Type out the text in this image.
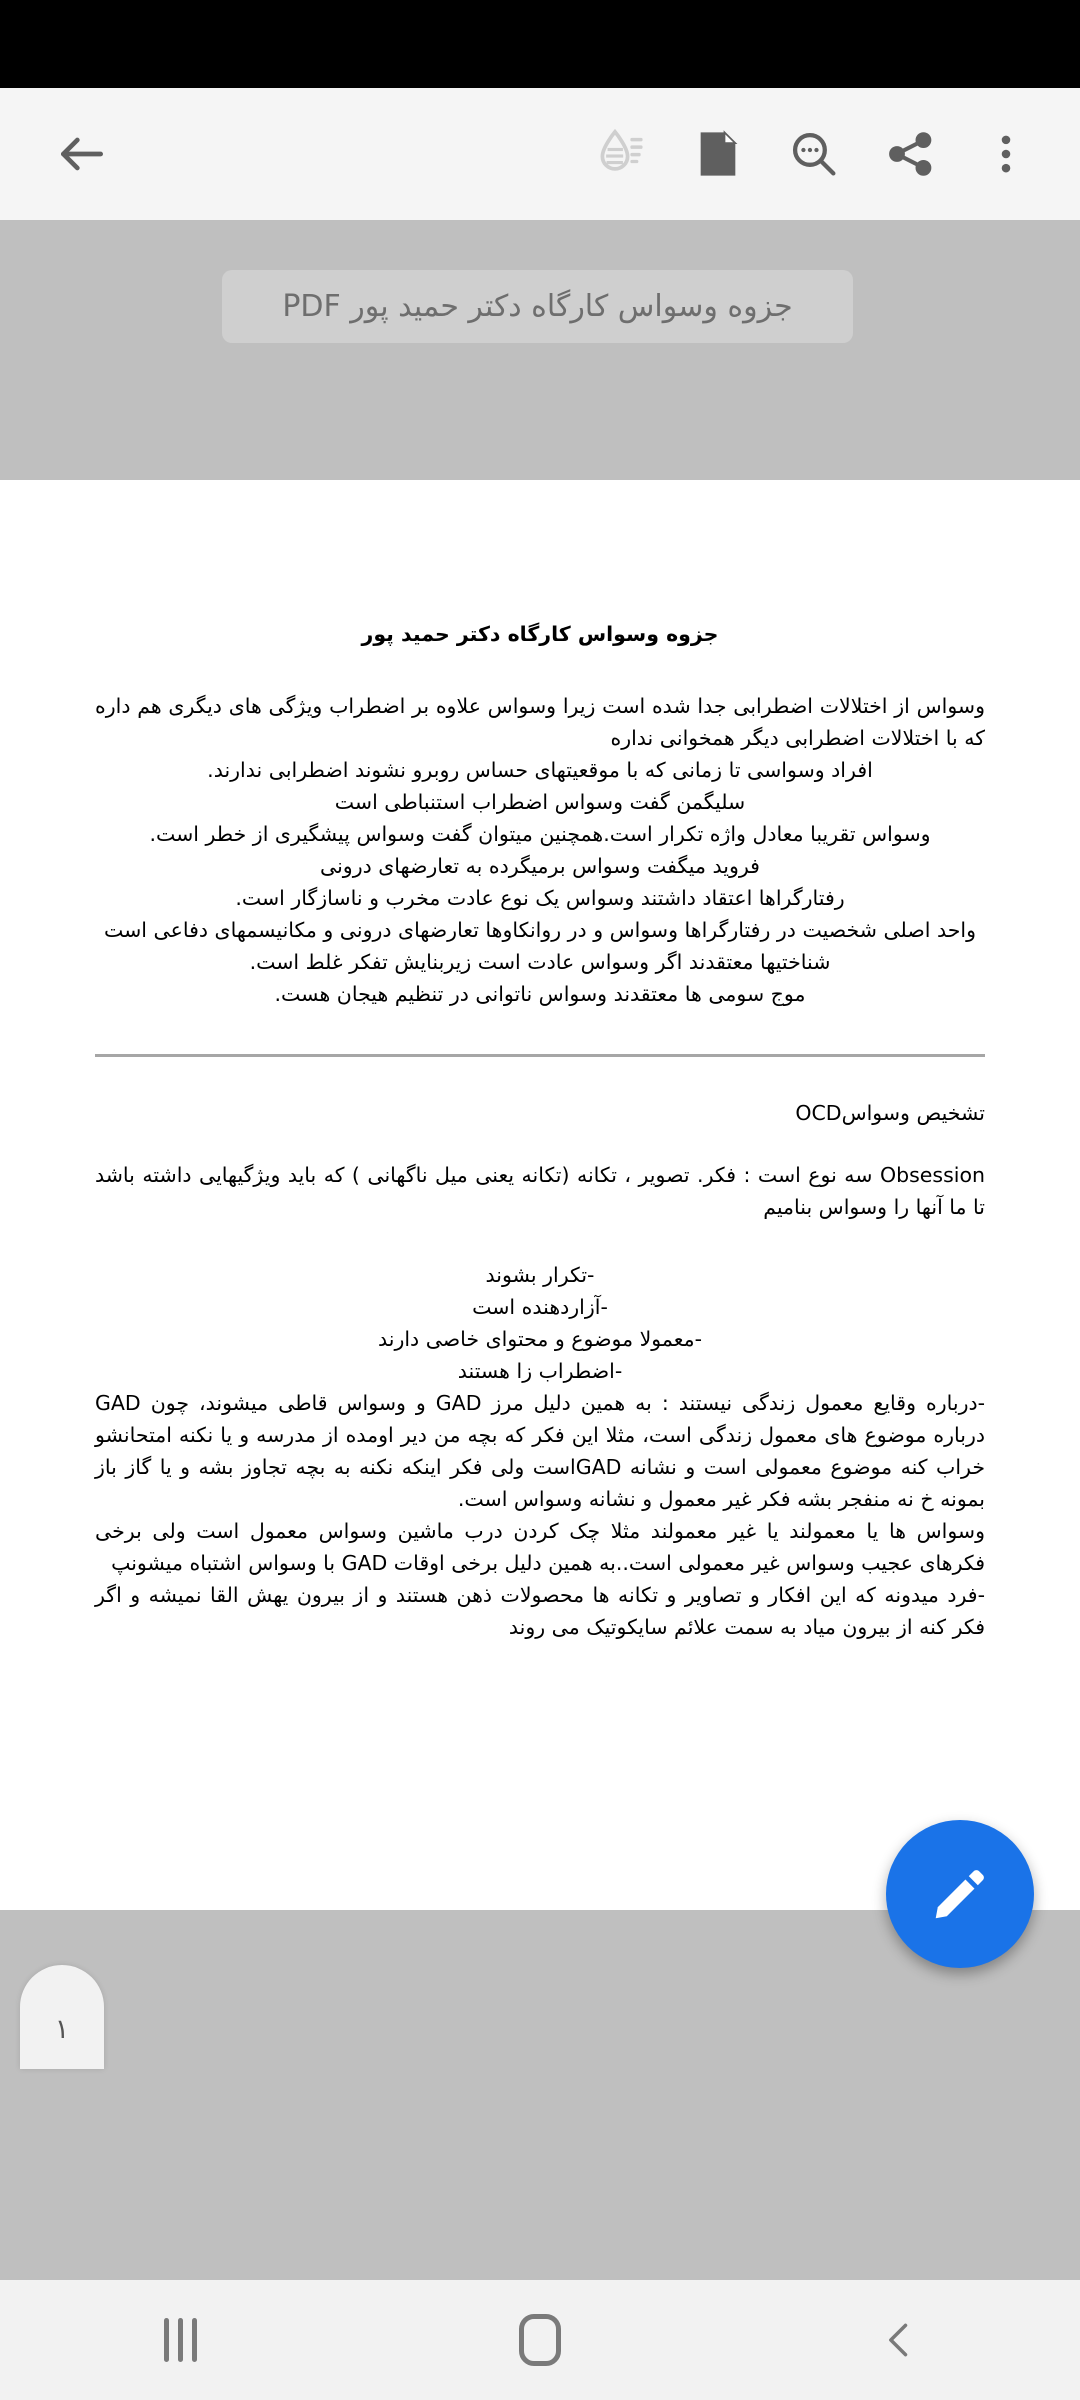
جزوه وسواس کارگاه دکتر حمید پور PDF
جزوه وسواس کارگاه دکتر حمید پور
وسواس از اختلالات اضطرابی جدا شده است زیرا وسواس علاوه بر اضطراب ویژگی های دیگری هم داره که با اختلالات اضطرابی دیگر همخوانی نداره
افراد وسواسی تا زمانی که با موقعیتهای حساس روبرو نشوند اضطرابی ندارند.
سلیگمن گفت وسواس اضطراب استنباطی است
وسواس تقریبا معادل واژه تکرار است.همچنین میتوان گفت وسواس پیشگیری از خطر است.
فروید میگفت وسواس برمیگرده به تعارضهای درونی
رفتارگراها اعتقاد داشتند وسواس یک نوع عادت مخرب و ناسازگار است.
واحد اصلی شخصیت در رفتارگراها وسواس و در روانکاوها تعارضهای درونی و مکانیسمهای دفاعی است
شناختیها معتقدند اگر وسواس عادت است زیربنایش تفکر غلط است.
موج سومی ها معتقدند وسواس ناتوانی در تنظیم هیجان هست.
تشخیص وسواسOCD
Obsession سه نوع است : فکر. تصویر ، تکانه (تکانه یعنی میل ناگهانی ) که باید ویژگیهایی داشته باشد تا ما آنها را وسواس بنامیم
-تکرار بشوند
-آزاردهنده است
-معمولا موضوع و محتوای خاصی دارند
-اضطراب زا هستند
-درباره وقایع معمول زندگی نیستند : به همین دلیل مرز GAD و وسواس قاطی میشوند، چون GAD درباره موضوع های معمول زندگی است، مثلا این فکر که بچه من دیر اومده از مدرسه و یا نکنه امتحانشو خراب کنه موضوع معمولی است و نشانه GADاست ولی فکر اینکه نکنه به بچه تجاوز بشه و یا گاز باز بمونه خ نه منفجر بشه فکر غیر معمول و نشانه وسواس است.
وسواس ها یا معمولند یا غیر معمولند مثلا چک کردن درب ماشین وسواس معمول است ولی برخی فکرهای عجیب وسواس غیر معمولی است..به همین دلیل برخی اوقات GAD با وسواس اشتباه میشونپ
-فرد میدونه که این افکار و تصاویر و تکانه ها محصولات ذهن هستند و از بیرون یهش القا نمیشه و اگر فکر کنه از بیرون میاد به سمت علائم سایکوتیک می روند
۱
